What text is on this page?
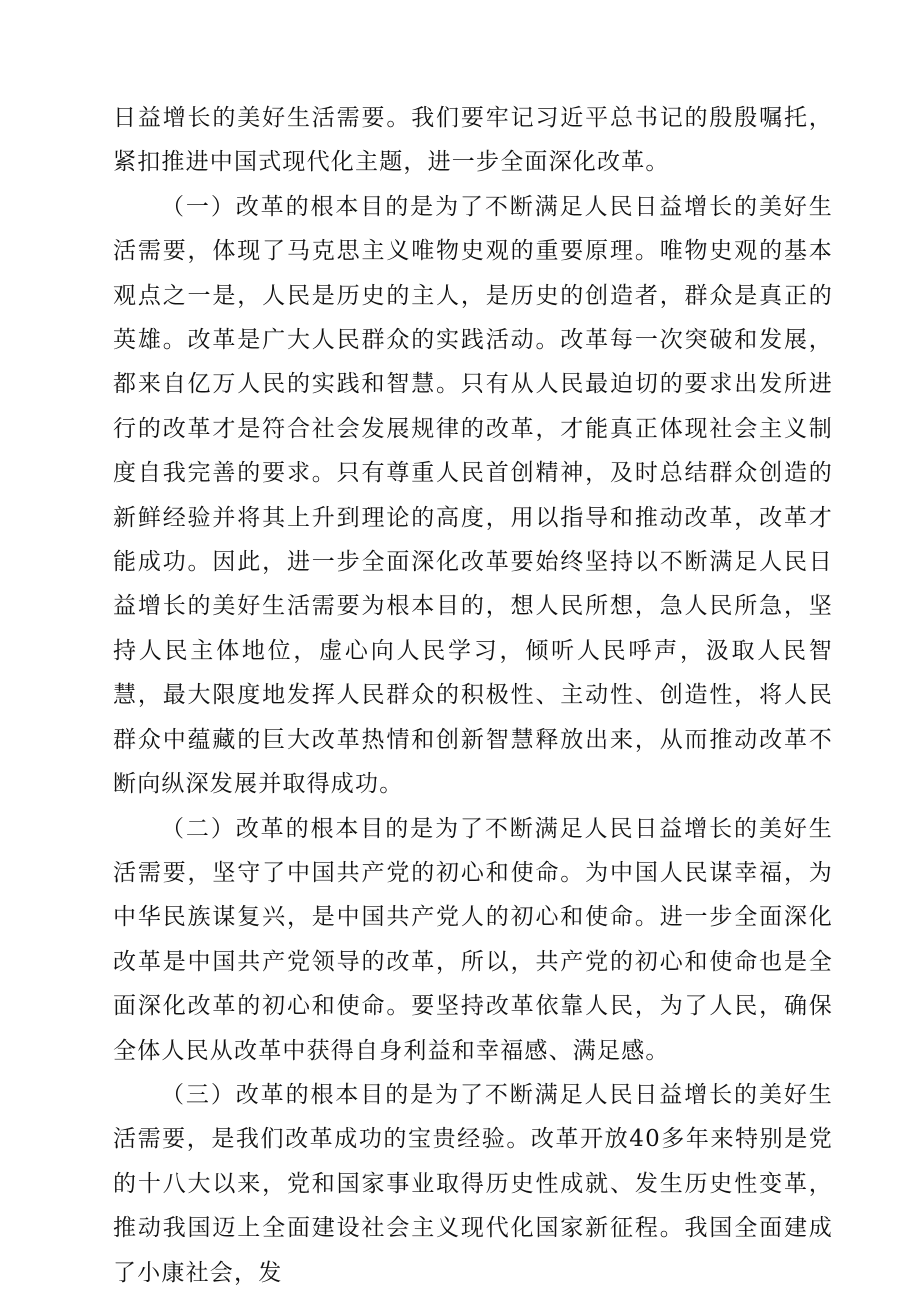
日益增长的美好生活需要。我们要牢记习近平总书记的殷殷嘱托，紧扣推进中国式现代化主题，进一步全面深化改革。

（一）改革的根本目的是为了不断满足人民日益增长的美好生活需要，体现了马克思主义唯物史观的重要原理。唯物史观的基本观点之一是，人民是历史的主人，是历史的创造者，群众是真正的英雄。改革是广大人民群众的实践活动。改革每一次突破和发展，都来自亿万人民的实践和智慧。只有从人民最迫切的要求出发所进行的改革才是符合社会发展规律的改革，才能真正体现社会主义制度自我完善的要求。只有尊重人民首创精神，及时总结群众创造的新鲜经验并将其上升到理论的高度，用以指导和推动改革，改革才能成功。因此，进一步全面深化改革要始终坚持以不断满足人民日益增长的美好生活需要为根本目的，想人民所想，急人民所急，坚持人民主体地位，虚心向人民学习，倾听人民呼声，汲取人民智慧，最大限度地发挥人民群众的积极性、主动性、创造性，将人民群众中蕴藏的巨大改革热情和创新智慧释放出来，从而推动改革不断向纵深发展并取得成功。

（二）改革的根本目的是为了不断满足人民日益增长的美好生活需要，坚守了中国共产党的初心和使命。为中国人民谋幸福，为中华民族谋复兴，是中国共产党人的初心和使命。进一步全面深化改革是中国共产党领导的改革，所以，共产党的初心和使命也是全面深化改革的初心和使命。要坚持改革依靠人民，为了人民，确保全体人民从改革中获得自身利益和幸福感、满足感。

（三）改革的根本目的是为了不断满足人民日益增长的美好生活需要，是我们改革成功的宝贵经验。改革开放40多年来特别是党的十八大以来，党和国家事业取得历史性成就、发生历史性变革，推动我国迈上全面建设社会主义现代化国家新征程。我国全面建成了小康社会，发
